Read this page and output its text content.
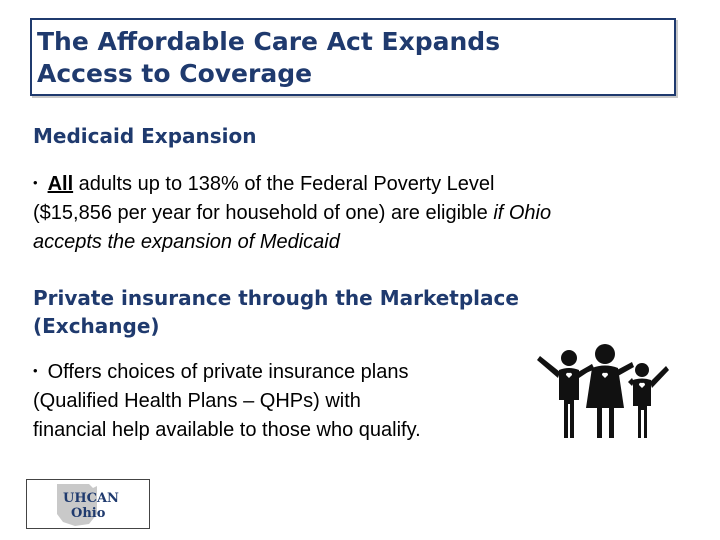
The Affordable Care Act Expands
Access to Coverage
Medicaid Expansion

• All adults up to 138% of the Federal Poverty Level
($15,856 per year for household of one) are eligible if Ohio
accepts the expansion of Medicaid

Private insurance through the Marketplace
(Exchange)

• Offers choices of private insurance plans
(Qualified Health Plans – QHPs) with
financial help available to those who qualify.

UHCAN
Ohio
